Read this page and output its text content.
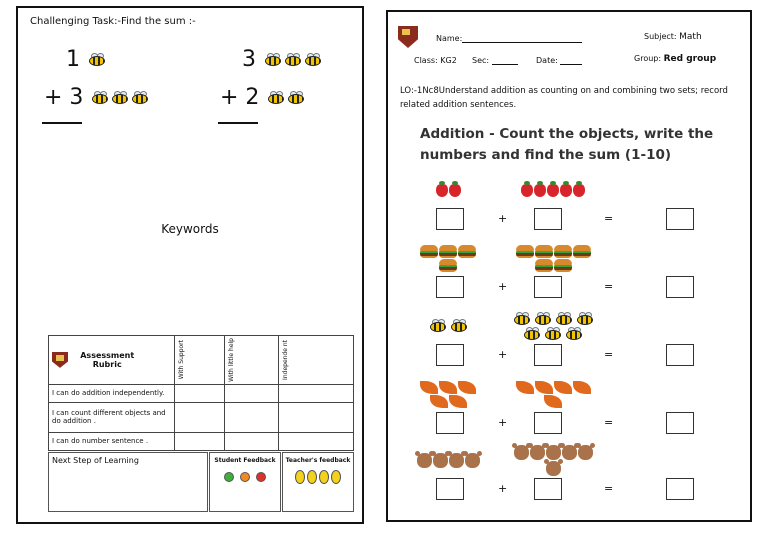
Challenging Task:-Find the sum :-
1
+ 3
3
+ 2
Keywords
Assessment
Rubric	With Support	With little help	Independe nt

I can do addition independently.			
I can count different objects and do addition .			
I can do number sentence .			
Next Step of Learning	Student Feedback	Teacher's feedback
Name:	Subject: Math
Class: KG2 Sec:	Date:	Group: Red group
LO:-1Nc8Understand addition as counting on and combining two sets; record related addition sentences.
Addition - Count the objects, write the numbers and find the sum (1-10)
+	=
+	=
+	=
+	=
+	=
